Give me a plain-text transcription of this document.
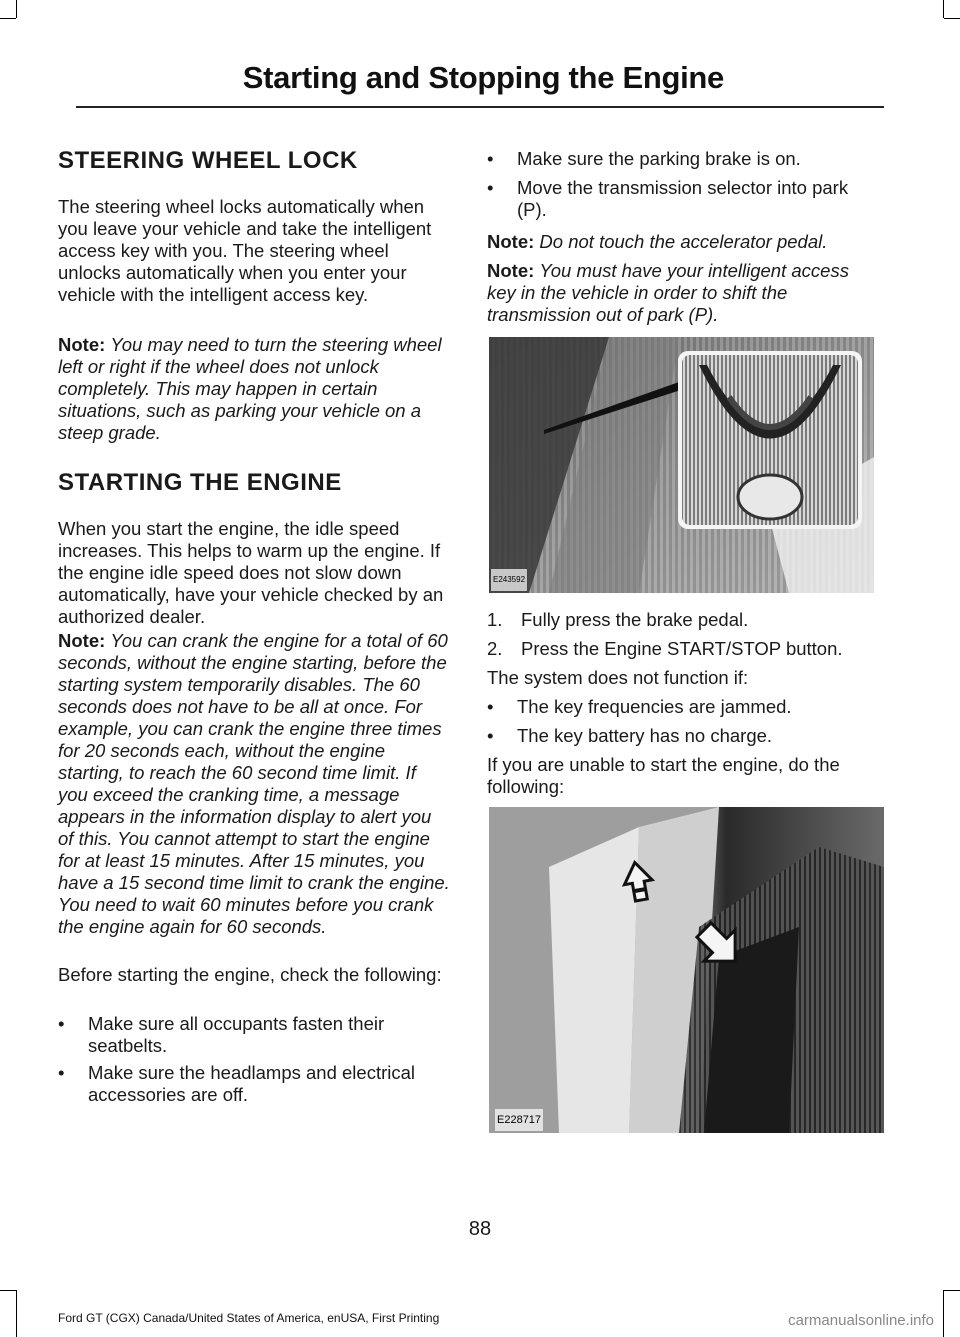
Starting and Stopping the Engine
STEERING WHEEL LOCK

The steering wheel locks automatically when you leave your vehicle and take the intelligent access key with you. The steering wheel unlocks automatically when you enter your vehicle with the intelligent access key.

Note: You may need to turn the steering wheel left or right if the wheel does not unlock completely. This may happen in certain situations, such as parking your vehicle on a steep grade.

STARTING THE ENGINE

When you start the engine, the idle speed increases. This helps to warm up the engine. If the engine idle speed does not slow down automatically, have your vehicle checked by an authorized dealer.

Note: You can crank the engine for a total of 60 seconds, without the engine starting, before the starting system temporarily disables. The 60 seconds does not have to be all at once. For example, you can crank the engine three times for 20 seconds each, without the engine starting, to reach the 60 second time limit. If you exceed the cranking time, a message appears in the information display to alert you of this. You cannot attempt to start the engine for at least 15 minutes. After 15 minutes, you have a 15 second time limit to crank the engine. You need to wait 60 minutes before you crank the engine again for 60 seconds.

Before starting the engine, check the following:

• Make sure all occupants fasten their seatbelts.
• Make sure the headlamps and electrical accessories are off.
• Make sure the parking brake is on.
• Move the transmission selector into park (P).

Note: Do not touch the accelerator pedal.

Note: You must have your intelligent access key in the vehicle in order to shift the transmission out of park (P).

E243592
1. Fully press the brake pedal.
2. Press the Engine START/STOP button.

The system does not function if:

• The key frequencies are jammed.
• The key battery has no charge.

If you are unable to start the engine, do the following:

E228717
88
Ford GT (CGX) Canada/United States of America, enUSA, First Printing	carmanualsonline.info
